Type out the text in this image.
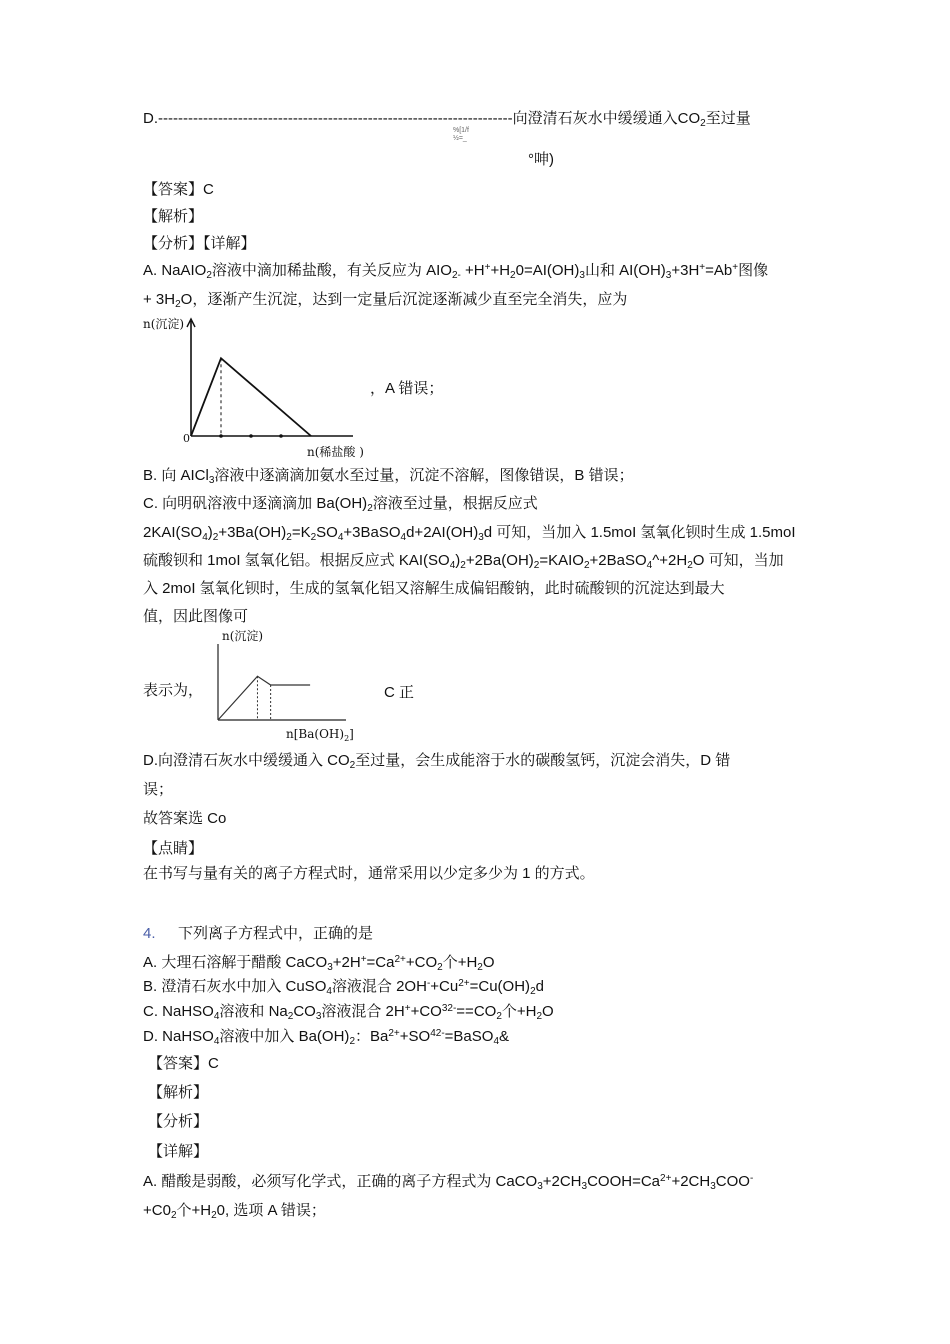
D.-----------------------------------------------------------------------向澄清石灰水中缓缓通入$CO_2$至过量
%[1/f
½=_
°呻)
【答案】C
【解析】
【分析】【详解】
A. NaAIO$_2$溶液中滴加稀盐酸，有关反应为 $AIO_{2-} +H^++H_20=AI(OH)_3$山和 $AI(OH)_3+3H^+=Ab^+$图像
+ $3H_2O$，逐渐产生沉淀，达到一定量后沉淀逐渐减少直至完全消失，应为
n(沉淀)
0
n(稀盐酸 )
，A 错误；
B. 向 AICl$_3$溶液中逐滴滴加氨水至过量，沉淀不溶解，图像错误，B 错误；
C. 向明矾溶液中逐滴滴加 $Ba(OH)_2$溶液至过量，根据反应式
$2KAI(SO_4)_2+3Ba(OH)_2=K_2SO_4+3BaSO_4d+2AI(OH)_3d$ 可知，当加入 1.5moI 氢氧化钡时生成 1.5moI
硫酸钡和 1moI 氢氧化铝。根据反应式 $KAI(SO_4)_2+2Ba(OH)_2=KAIO_2+2BaSO_4\^{}+2H_2O$ 可知，当加
入 2moI 氢氧化钡时，生成的氢氧化铝又溶解生成偏铝酸钠，此时硫酸钡的沉淀达到最大
值，因此图像可
表示为，
n(沉淀)
$n[Ba(OH)_2]$
C 正
D.向澄清石灰水中缓缓通入 $CO_2$至过量，会生成能溶于水的碳酸氢钙，沉淀会消失，D 错
误；
故答案选 Co
【点睛】
在书写与量有关的离子方程式时，通常采用以少定多少为 1 的方式。
4. 下列离子方程式中，正确的是
A. 大理石溶解于醋酸 $CaCO_3+2H^+=Ca^{2+}+CO_2$个$+H_2O$
B. 澄清石灰水中加入 CuSO$_4$溶液混合 $2OH^-+Cu^{2+}=Cu(OH)_2d$
C. NaHSO$_4$溶液和 $Na_2CO_3$溶液混合 $2H^++CO^{32-}==CO_2$个$+H_2O$
D. NaHSO$_4$溶液中加入 $Ba(OH)_2$：$Ba^{2+}+SO^{42-}=BaSO_4\&$
【答案】C
【解析】
【分析】
【详解】
A. 醋酸是弱酸，必须写化学式，正确的离子方程式为 $CaCO_3+2CH_3COOH=Ca^{2+}+2CH_3COO^-$
$+C0_2$个$+H_20$, 选项 A 错误；
